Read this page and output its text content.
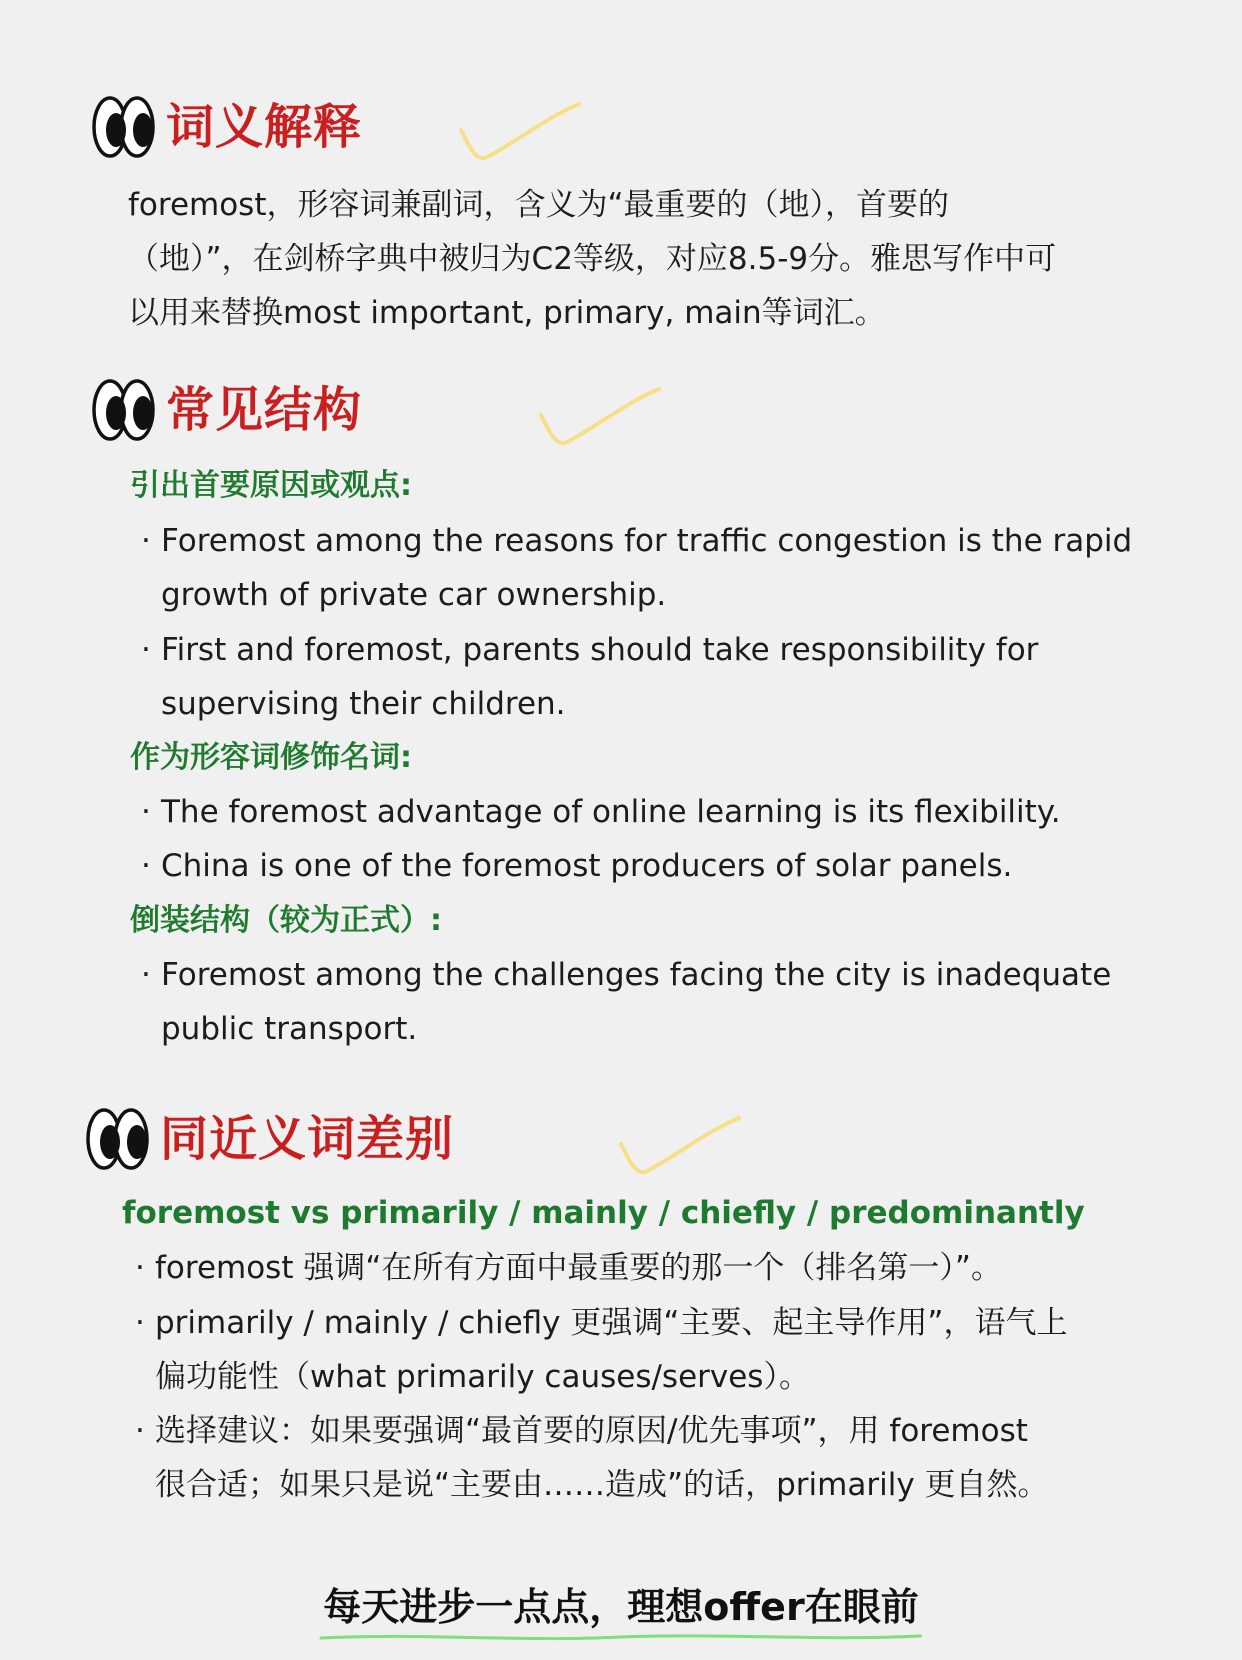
词义解释
foremost，形容词兼副词，含义为“最重要的（地），首要的
（地）”，在剑桥字典中被归为C2等级，对应8.5-9分。雅思写作中可
以用来替换most important, primary, main等词汇。
常见结构
引出首要原因或观点:
· Foremost among the reasons for traffic congestion is the rapid
growth of private car ownership.
· First and foremost, parents should take responsibility for
supervising their children.
作为形容词修饰名词:
· The foremost advantage of online learning is its flexibility.
· China is one of the foremost producers of solar panels.
倒装结构（较为正式）:
· Foremost among the challenges facing the city is inadequate
public transport.
同近义词差别
foremost vs primarily / mainly / chiefly / predominantly
· foremost 强调“在所有方面中最重要的那一个（排名第一）”。
· primarily / mainly / chiefly 更强调“主要、起主导作用”，语气上
偏功能性（what primarily causes/serves）。
· 选择建议：如果要强调“最首要的原因/优先事项”，用 foremost
很合适；如果只是说“主要由……造成”的话，primarily 更自然。
每天进步一点点，理想offer在眼前
